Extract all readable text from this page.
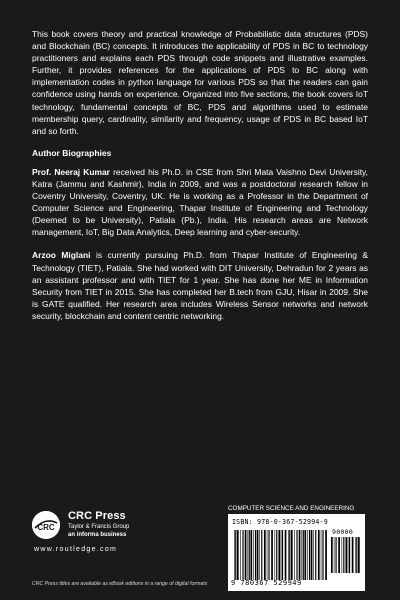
This book covers theory and practical knowledge of Probabilistic data structures (PDS) and Blockchain (BC) concepts. It introduces the applicability of PDS in BC to technology practitioners and explains each PDS through code snippets and illustrative examples. Further, it provides references for the applications of PDS to BC along with implementation codes in python language for various PDS so that the readers can gain confidence using hands on experience. Organized into five sections, the book covers IoT technology, fundamental concepts of BC, PDS and algorithms used to estimate membership query, cardinality, similarity and frequency, usage of PDS in BC based IoT and so forth.

Author Biographies

Prof. Neeraj Kumar received his Ph.D. in CSE from Shri Mata Vaishno Devi University, Katra (Jammu and Kashmir), India in 2009, and was a postdoctoral research fellow in Coventry University, Coventry, UK. He is working as a Professor in the Department of Computer Science and Engineering, Thapar Institute of Engineering and Technology (Deemed to be University), Patiala (Pb.), India. His research areas are Network management, IoT, Big Data Analytics, Deep learning and cyber-security.

Arzoo Miglani is currently pursuing Ph.D. from Thapar Institute of Engineering & Technology (TIET), Patiala. She had worked with DIT University, Dehradun for 2 years as an assistant professor and with TIET for 1 year. She has done her ME in Information Security from TIET in 2015. She has completed her B.tech from GJU, Hisar in 2009. She is GATE qualified. Her research area includes Wireless Sensor networks and network security, blockchain and content centric networking.

CRC
CRC Press
Taylor & Francis Group
an informa business
www.routledge.com
CRC Press titles are available as eBook editions in a range of digital formats
COMPUTER SCIENCE AND ENGINEERING
ISBN: 978-0-367-52994-9
90000
9 780367 529949
